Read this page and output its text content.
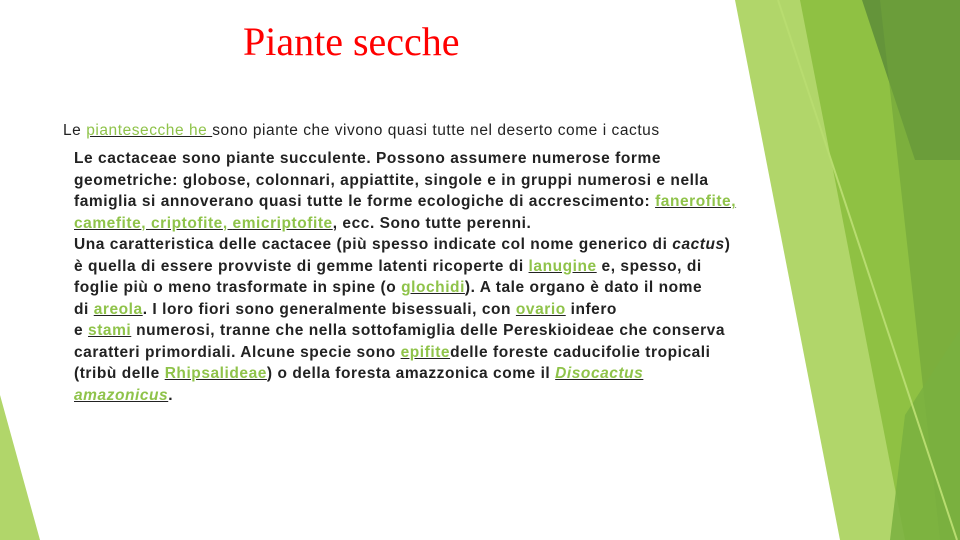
Piante secche
Le piantesecche he sono piante che vivono quasi tutte nel deserto come i cactus
Le cactaceae sono piante succulente. Possono assumere numerose forme
geometriche: globose, colonnari, appiattite, singole e in gruppi numerosi e nella
famiglia si annoverano quasi tutte le forme ecologiche di accrescimento: fanerofite,
camefite, criptofite, emicriptofite, ecc. Sono tutte perenni.
Una caratteristica delle cactacee (più spesso indicate col nome generico di cactus)
è quella di essere provviste di gemme latenti ricoperte di lanugine e, spesso, di
foglie più o meno trasformate in spine (o glochidi). A tale organo è dato il nome
di areola. I loro fiori sono generalmente bisessuali, con ovario infero
e stami numerosi, tranne che nella sottofamiglia delle Pereskioideae che conserva
caratteri primordiali. Alcune specie sono epifitedelle foreste caducifolie tropicali
(tribù delle Rhipsalideae) o della foresta amazzonica come il Disocactus
amazonicus.
